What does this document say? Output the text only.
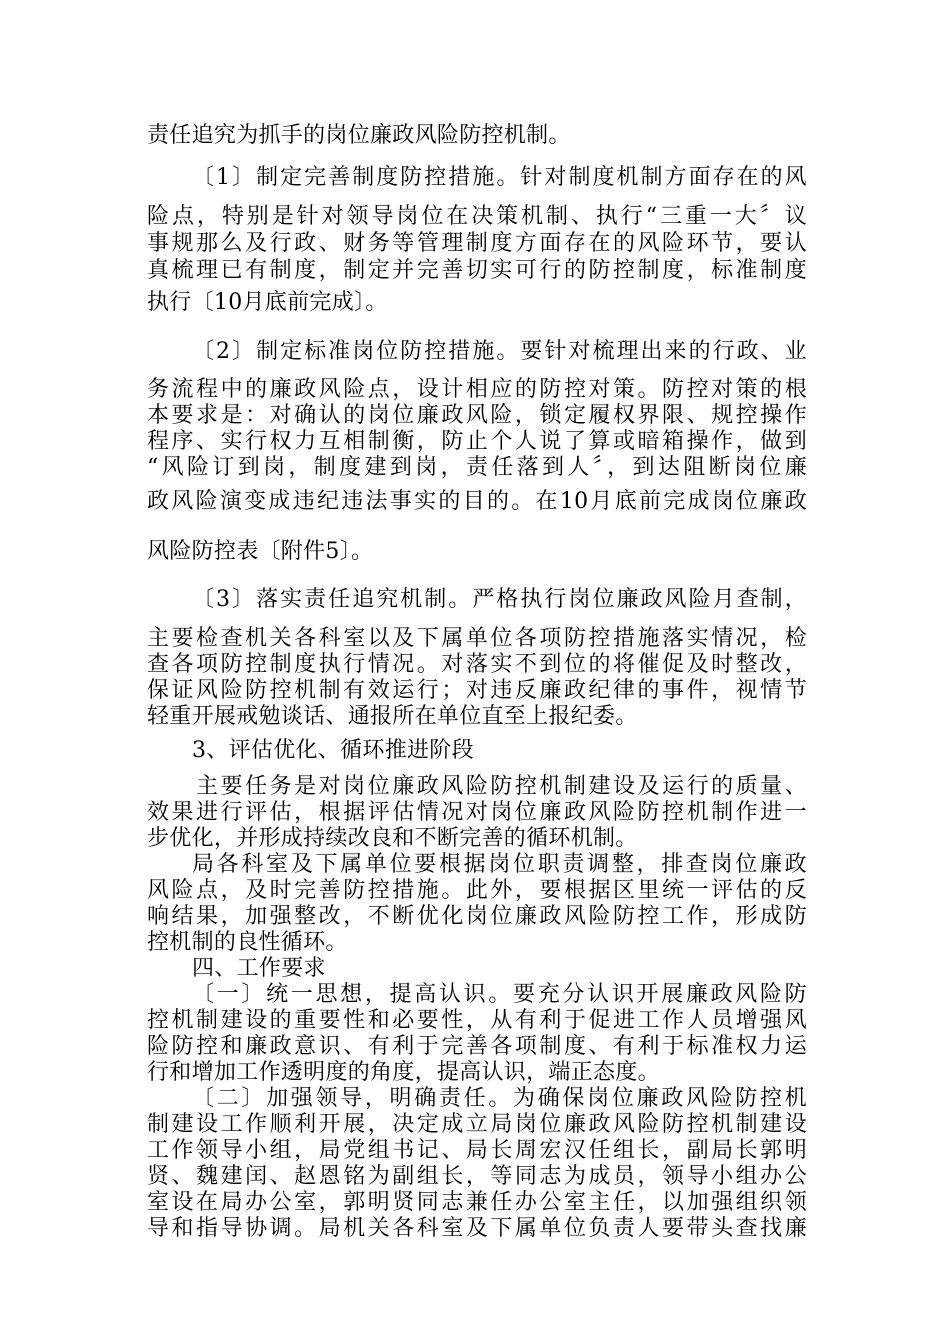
责任追究为抓手的岗位廉政风险防控机制。
〔1〕制定完善制度防控措施。针对制度机制方面存在的风
险点，特别是针对领导岗位在决策机制、执行“三重一大〞议
事规那么及行政、财务等管理制度方面存在的风险环节，要认
真梳理已有制度，制定并完善切实可行的防控制度，标准制度
执行〔10月底前完成〕。
〔2〕制定标准岗位防控措施。要针对梳理出来的行政、业
务流程中的廉政风险点，设计相应的防控对策。防控对策的根
本要求是：对确认的岗位廉政风险，锁定履权界限、规控操作
程序、实行权力互相制衡，防止个人说了算或暗箱操作，做到
“风险订到岗，制度建到岗，责任落到人〞，到达阻断岗位廉
政风险演变成违纪违法事实的目的。在10月底前完成岗位廉政
风险防控表〔附件5〕。
〔3〕落实责任追究机制。严格执行岗位廉政风险月查制，
主要检查机关各科室以及下属单位各项防控措施落实情况，检
查各项防控制度执行情况。对落实不到位的将催促及时整改，
保证风险防控机制有效运行；对违反廉政纪律的事件，视情节
轻重开展戒勉谈话、通报所在单位直至上报纪委。
3、评估优化、循环推进阶段
主要任务是对岗位廉政风险防控机制建设及运行的质量、
效果进行评估，根据评估情况对岗位廉政风险防控机制作进一
步优化，并形成持续改良和不断完善的循环机制。
局各科室及下属单位要根据岗位职责调整，排查岗位廉政
风险点，及时完善防控措施。此外，要根据区里统一评估的反
响结果，加强整改，不断优化岗位廉政风险防控工作，形成防
控机制的良性循环。
四、工作要求
〔一〕统一思想，提高认识。要充分认识开展廉政风险防
控机制建设的重要性和必要性，从有利于促进工作人员增强风
险防控和廉政意识、有利于完善各项制度、有利于标准权力运
行和增加工作透明度的角度，提高认识，端正态度。
〔二〕加强领导，明确责任。为确保岗位廉政风险防控机
制建设工作顺利开展，决定成立局岗位廉政风险防控机制建设
工作领导小组，局党组书记、局长周宏汉任组长，副局长郭明
贤、魏建闰、赵恩铭为副组长，等同志为成员，领导小组办公
室设在局办公室，郭明贤同志兼任办公室主任，以加强组织领
导和指导协调。局机关各科室及下属单位负责人要带头查找廉
